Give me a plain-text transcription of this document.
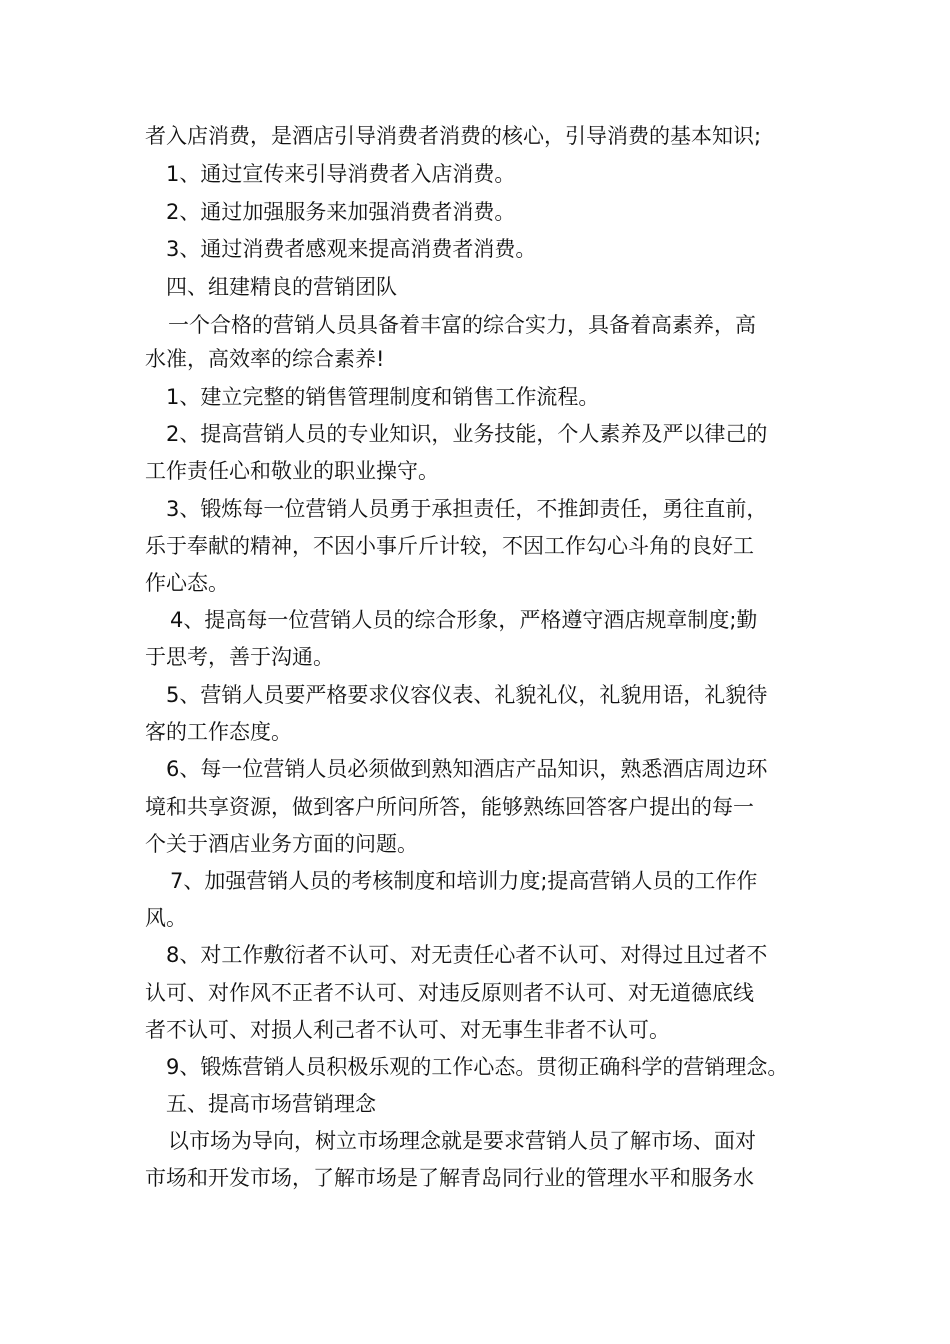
者入店消费，是酒店引导消费者消费的核心，引导消费的基本知识;
1、通过宣传来引导消费者入店消费。
2、通过加强服务来加强消费者消费。
3、通过消费者感观来提高消费者消费。
四、组建精良的营销团队
一个合格的营销人员具备着丰富的综合实力，具备着高素养，高
水准，高效率的综合素养!
1、建立完整的销售管理制度和销售工作流程。
2、提高营销人员的专业知识，业务技能，个人素养及严以律己的
工作责任心和敬业的职业操守。
3、锻炼每一位营销人员勇于承担责任，不推卸责任，勇往直前，
乐于奉献的精神，不因小事斤斤计较，不因工作勾心斗角的良好工
作心态。
4、提高每一位营销人员的综合形象，严格遵守酒店规章制度;勤
于思考，善于沟通。
5、营销人员要严格要求仪容仪表、礼貌礼仪，礼貌用语，礼貌待
客的工作态度。
6、每一位营销人员必须做到熟知酒店产品知识，熟悉酒店周边环
境和共享资源，做到客户所问所答，能够熟练回答客户提出的每一
个关于酒店业务方面的问题。
7、加强营销人员的考核制度和培训力度;提高营销人员的工作作
风。
8、对工作敷衍者不认可、对无责任心者不认可、对得过且过者不
认可、对作风不正者不认可、对违反原则者不认可、对无道德底线
者不认可、对损人利己者不认可、对无事生非者不认可。
9、锻炼营销人员积极乐观的工作心态。贯彻正确科学的营销理念。
五、提高市场营销理念
以市场为导向，树立市场理念就是要求营销人员了解市场、面对
市场和开发市场，了解市场是了解青岛同行业的管理水平和服务水
